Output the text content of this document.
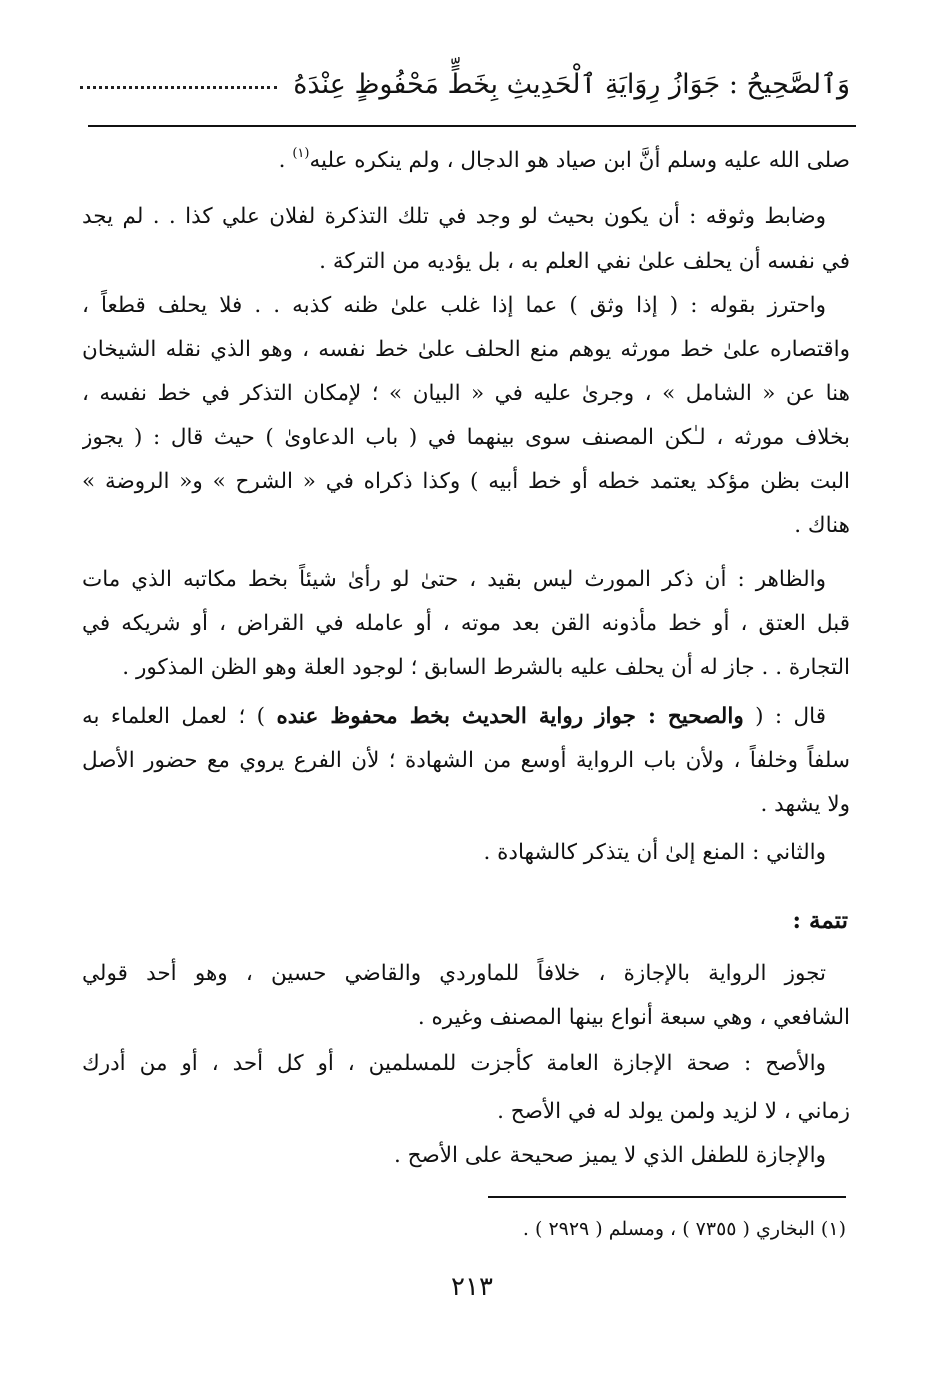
وَٱلصَّحِيحُ : جَوَازُ رِوَايَةِ ٱلْحَدِيثِ بِخَطٍّ مَحْفُوظٍ عِنْدَهُ
صلى الله عليه وسلم أنَّ ابن صياد هو الدجال ، ولم ينكره عليه$^{(١)}$ .
وضابط وثوقه : أن يكون بحيث لو وجد في تلك التذكرة لفلان علي كذا . . لم يجد
في نفسه أن يحلف علىٰ نفي العلم به ، بل يؤديه من التركة .
واحترز بقوله : ( إذا وثق ) عما إذا غلب علىٰ ظنه كذبه . . فلا يحلف قطعاً ،
واقتصاره علىٰ خط مورثه يوهم منع الحلف علىٰ خط نفسه ، وهو الذي نقله الشيخان
هنا عن « الشامل » ، وجرىٰ عليه في « البيان » ؛ لإمكان التذكر في خط نفسه ،
بخلاف مورثه ، لـٰكن المصنف سوى بينهما في ( باب الدعاوىٰ ) حيث قال : ( يجوز
البت بظن مؤكد يعتمد خطه أو خط أبيه ) وكذا ذكراه في « الشرح » و« الروضة »
هناك .
والظاهر : أن ذكر المورث ليس بقيد ، حتىٰ لو رأىٰ شيئاً بخط مكاتبه الذي مات
قبل العتق ، أو خط مأذونه القن بعد موته ، أو عامله في القراض ، أو شريكه في
التجارة . . جاز له أن يحلف عليه بالشرط السابق ؛ لوجود العلة وهو الظن المذكور .
قال : ( والصحيح : جواز رواية الحديث بخط محفوظ عنده ) ؛ لعمل العلماء به
سلفاً وخلفاً ، ولأن باب الرواية أوسع من الشهادة ؛ لأن الفرع يروي مع حضور الأصل
ولا يشهد .
والثاني : المنع إلىٰ أن يتذكر كالشهادة .
تتمة :
تجوز الرواية بالإجازة ، خلافاً للماوردي والقاضي حسين ، وهو أحد قولي
الشافعي ، وهي سبعة أنواع بينها المصنف وغيره .
والأصح : صحة الإجازة العامة كأجزت للمسلمين ، أو كل أحد ، أو من أدرك
زماني ، لا لزيد ولمن يولد له في الأصح .
والإجازة للطفل الذي لا يميز صحيحة على الأصح .
(١) البخاري ( ٧٣٥٥ ) ، ومسلم ( ٢٩٢٩ ) .
٢١٣
